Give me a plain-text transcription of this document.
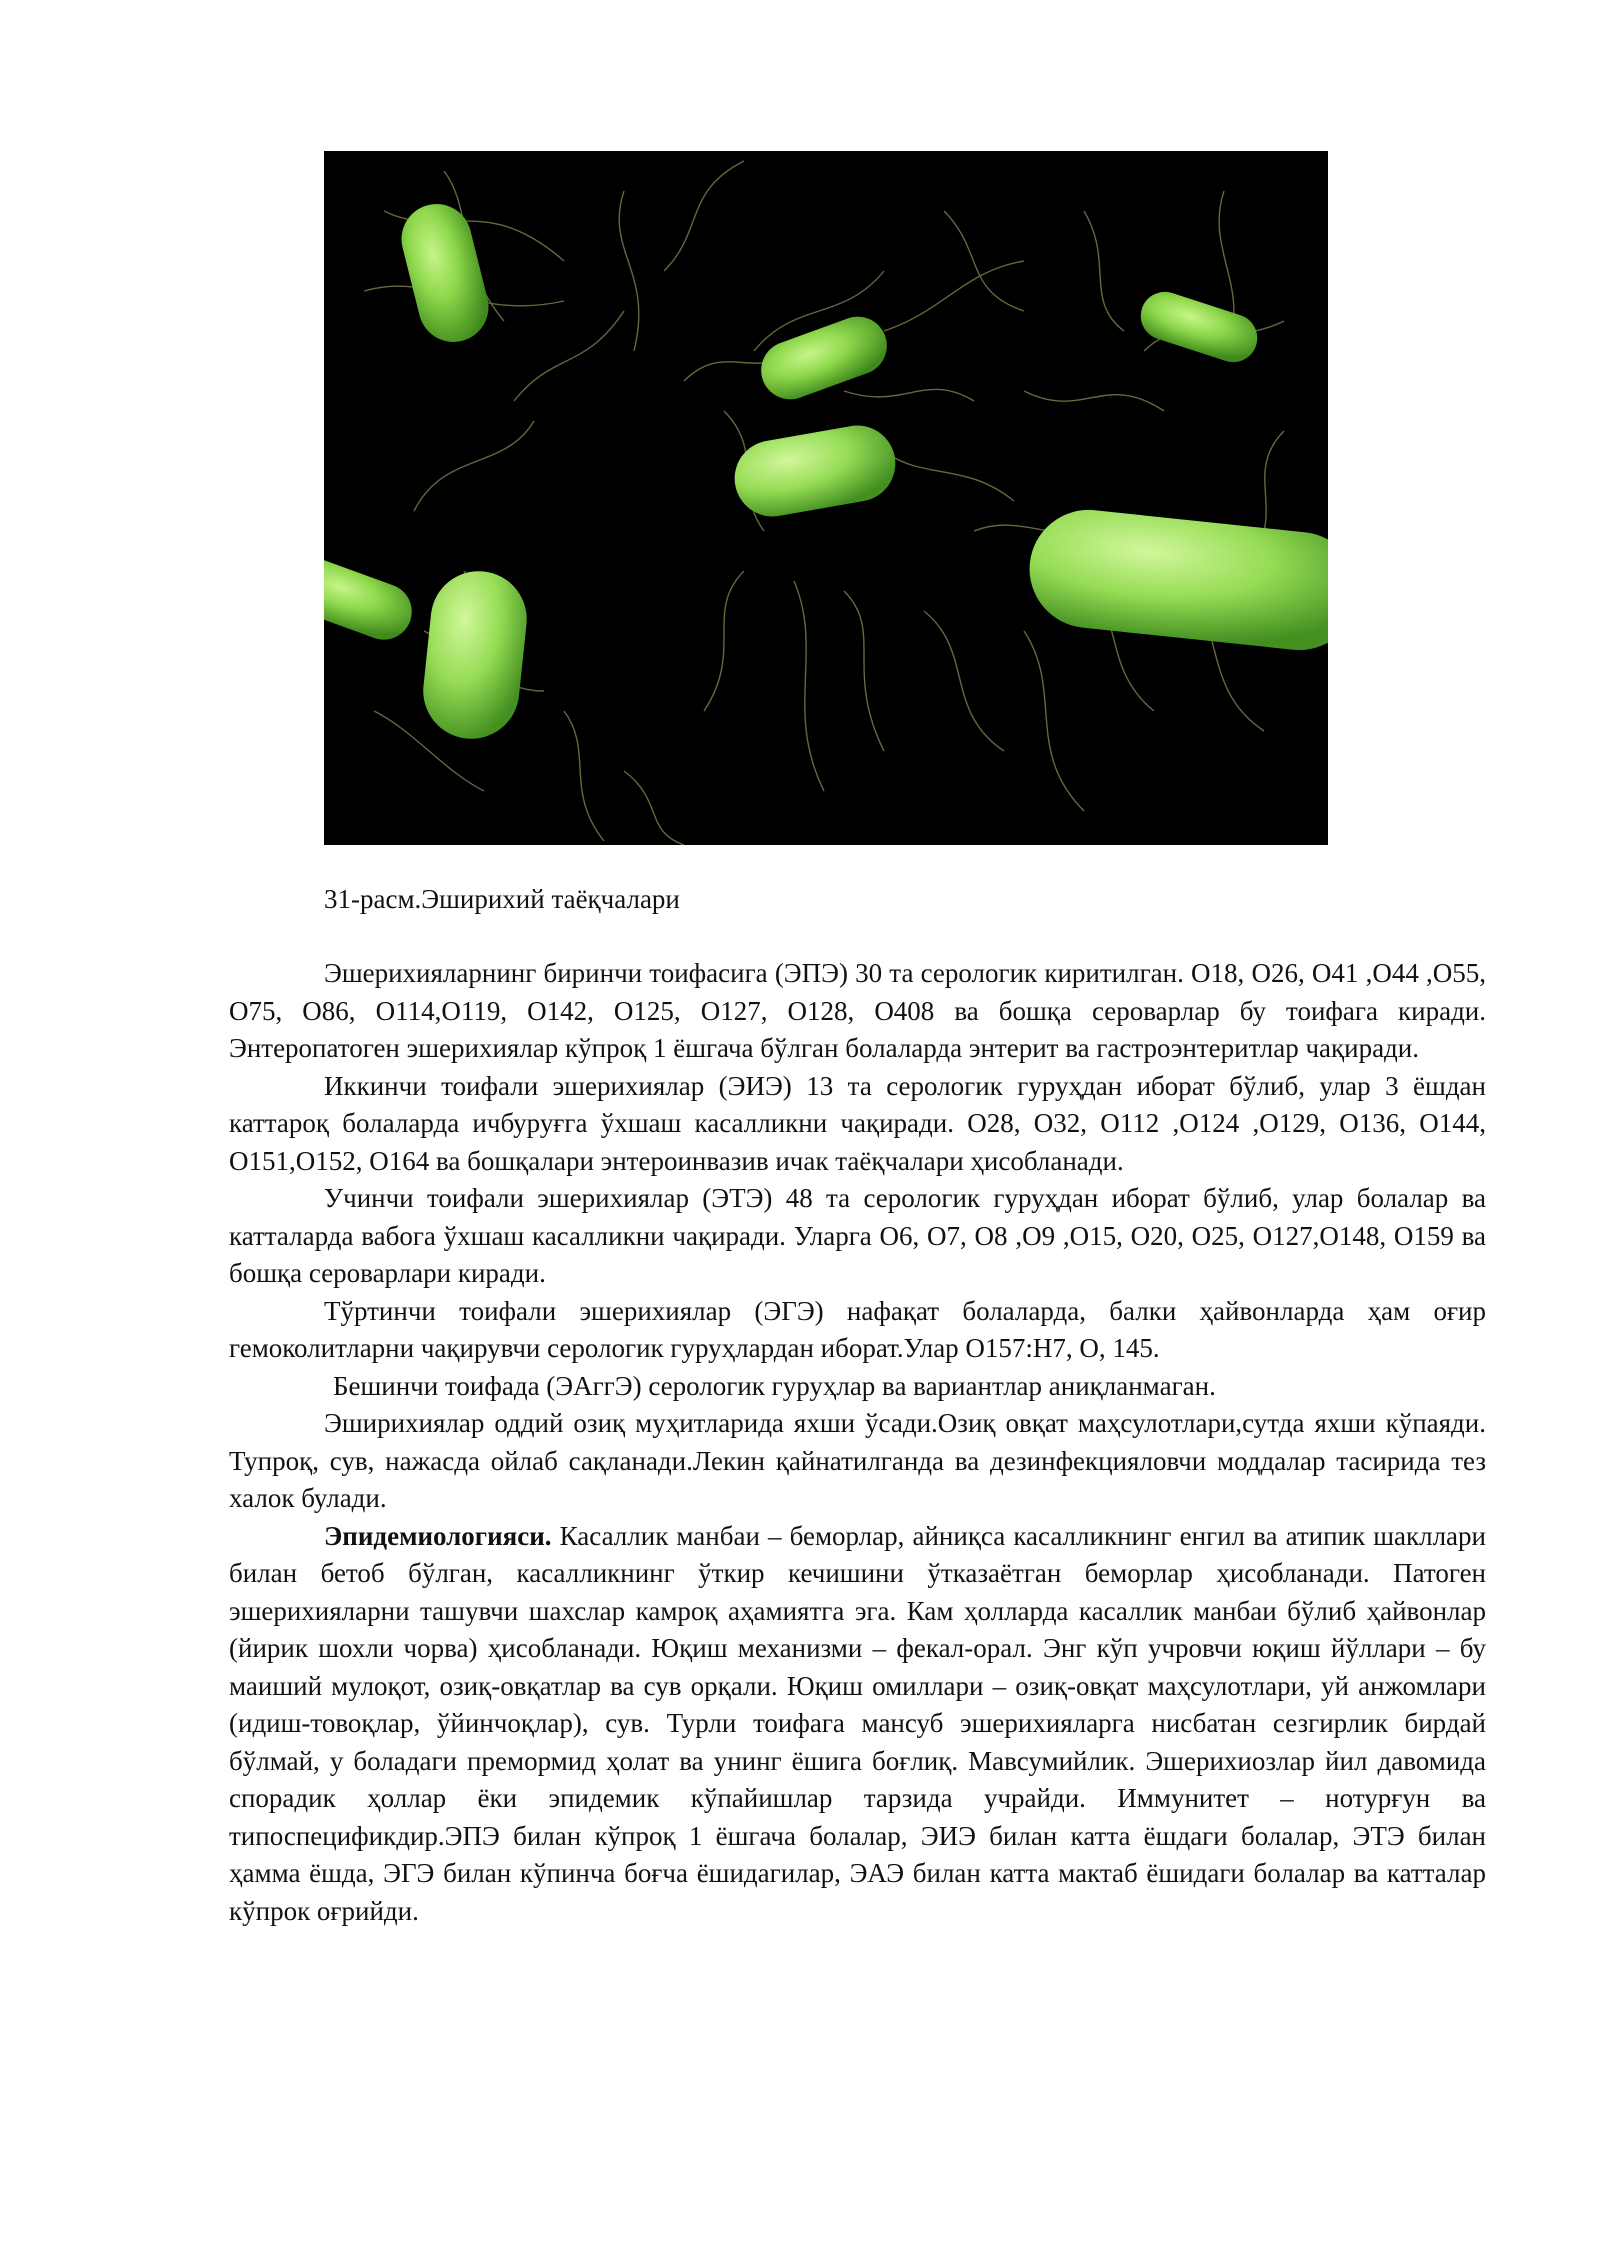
31-расм.Эширихий таёқчалари

Эшерихияларнинг биринчи тоифасига (ЭПЭ) 30 та серологик киритилган. О18, О26, О41 ,О44 ,О55, О75, О86, О114,О119, О142, О125, О127, О128, О408 ва бошқа сероварлар бу тоифага киради. Энтеропатоген эшерихиялар кўпроқ 1 ёшгача бўлган болаларда энтерит ва гастроэнтеритлар чақиради.

Иккинчи тоифали эшерихиялар (ЭИЭ) 13 та серологик гуруҳдан иборат бўлиб, улар 3 ёшдан каттароқ болаларда ичбуруғга ўхшаш касалликни чақиради. О28, О32, О112 ,О124 ,О129, О136, О144, О151,О152, О164 ва бошқалари энтероинвазив ичак таёқчалари ҳисобланади.

Учинчи тоифали эшерихиялар (ЭТЭ) 48 та серологик гуруҳдан иборат бўлиб, улар болалар ва катталарда вабога ўхшаш касалликни чақиради. Уларга О6, О7, О8 ,О9 ,О15, О20, О25, О127,О148, О159 ва бошқа сероварлари киради.

Тўртинчи тоифали эшерихиялар (ЭГЭ) нафақат болаларда, балки ҳайвонларда ҳам оғир гемоколитларни чақирувчи серологик гуруҳлардан иборат.Улар О157:Н7, О, 145.

Бешинчи тоифада (ЭАггЭ) серологик гуруҳлар ва вариантлар аниқланмаган.

Эширихиялар оддий озиқ муҳитларида яхши ўсади.Озиқ овқат маҳсулотлари,сутда яхши кўпаяди. Тупроқ, сув, нажасда ойлаб сақланади.Лекин қайнатилганда ва дезинфекцияловчи моддалар тасирида тез халок булади.

Эпидемиологияси. Касаллик манбаи – беморлар, айниқса касалликнинг енгил ва атипик шакллари билан бетоб бўлган, касалликнинг ўткир кечишини ўтказаётган беморлар ҳисобланади. Патоген эшерихияларни ташувчи шахслар камроқ аҳамиятга эга. Кам ҳолларда касаллик манбаи бўлиб ҳайвонлар (йирик шохли чорва) ҳисобланади. Юқиш механизми – фекал-орал. Энг кўп учровчи юқиш йўллари – бу маиший мулоқот, озиқ-овқатлар ва сув орқали. Юқиш омиллари – озиқ-овқат маҳсулотлари, уй анжомлари (идиш-товоқлар, ўйинчоқлар), сув. Турли тоифага мансуб эшерихияларга нисбатан сезгирлик бирдай бўлмай, у боладаги премормид ҳолат ва унинг ёшига боғлиқ. Мавсумийлик. Эшерихиозлар йил давомида спорадик ҳоллар ёки эпидемик кўпайишлар тарзида учрайди. Иммунитет – нотурғун ва типоспецификдир.ЭПЭ билан кўпроқ 1 ёшгача болалар, ЭИЭ билан катта ёшдаги болалар, ЭТЭ билан ҳамма ёшда, ЭГЭ билан кўпинча боғча ёшидагилар, ЭАЭ билан катта мактаб ёшидаги болалар ва катталар кўпрок оғрийди.
